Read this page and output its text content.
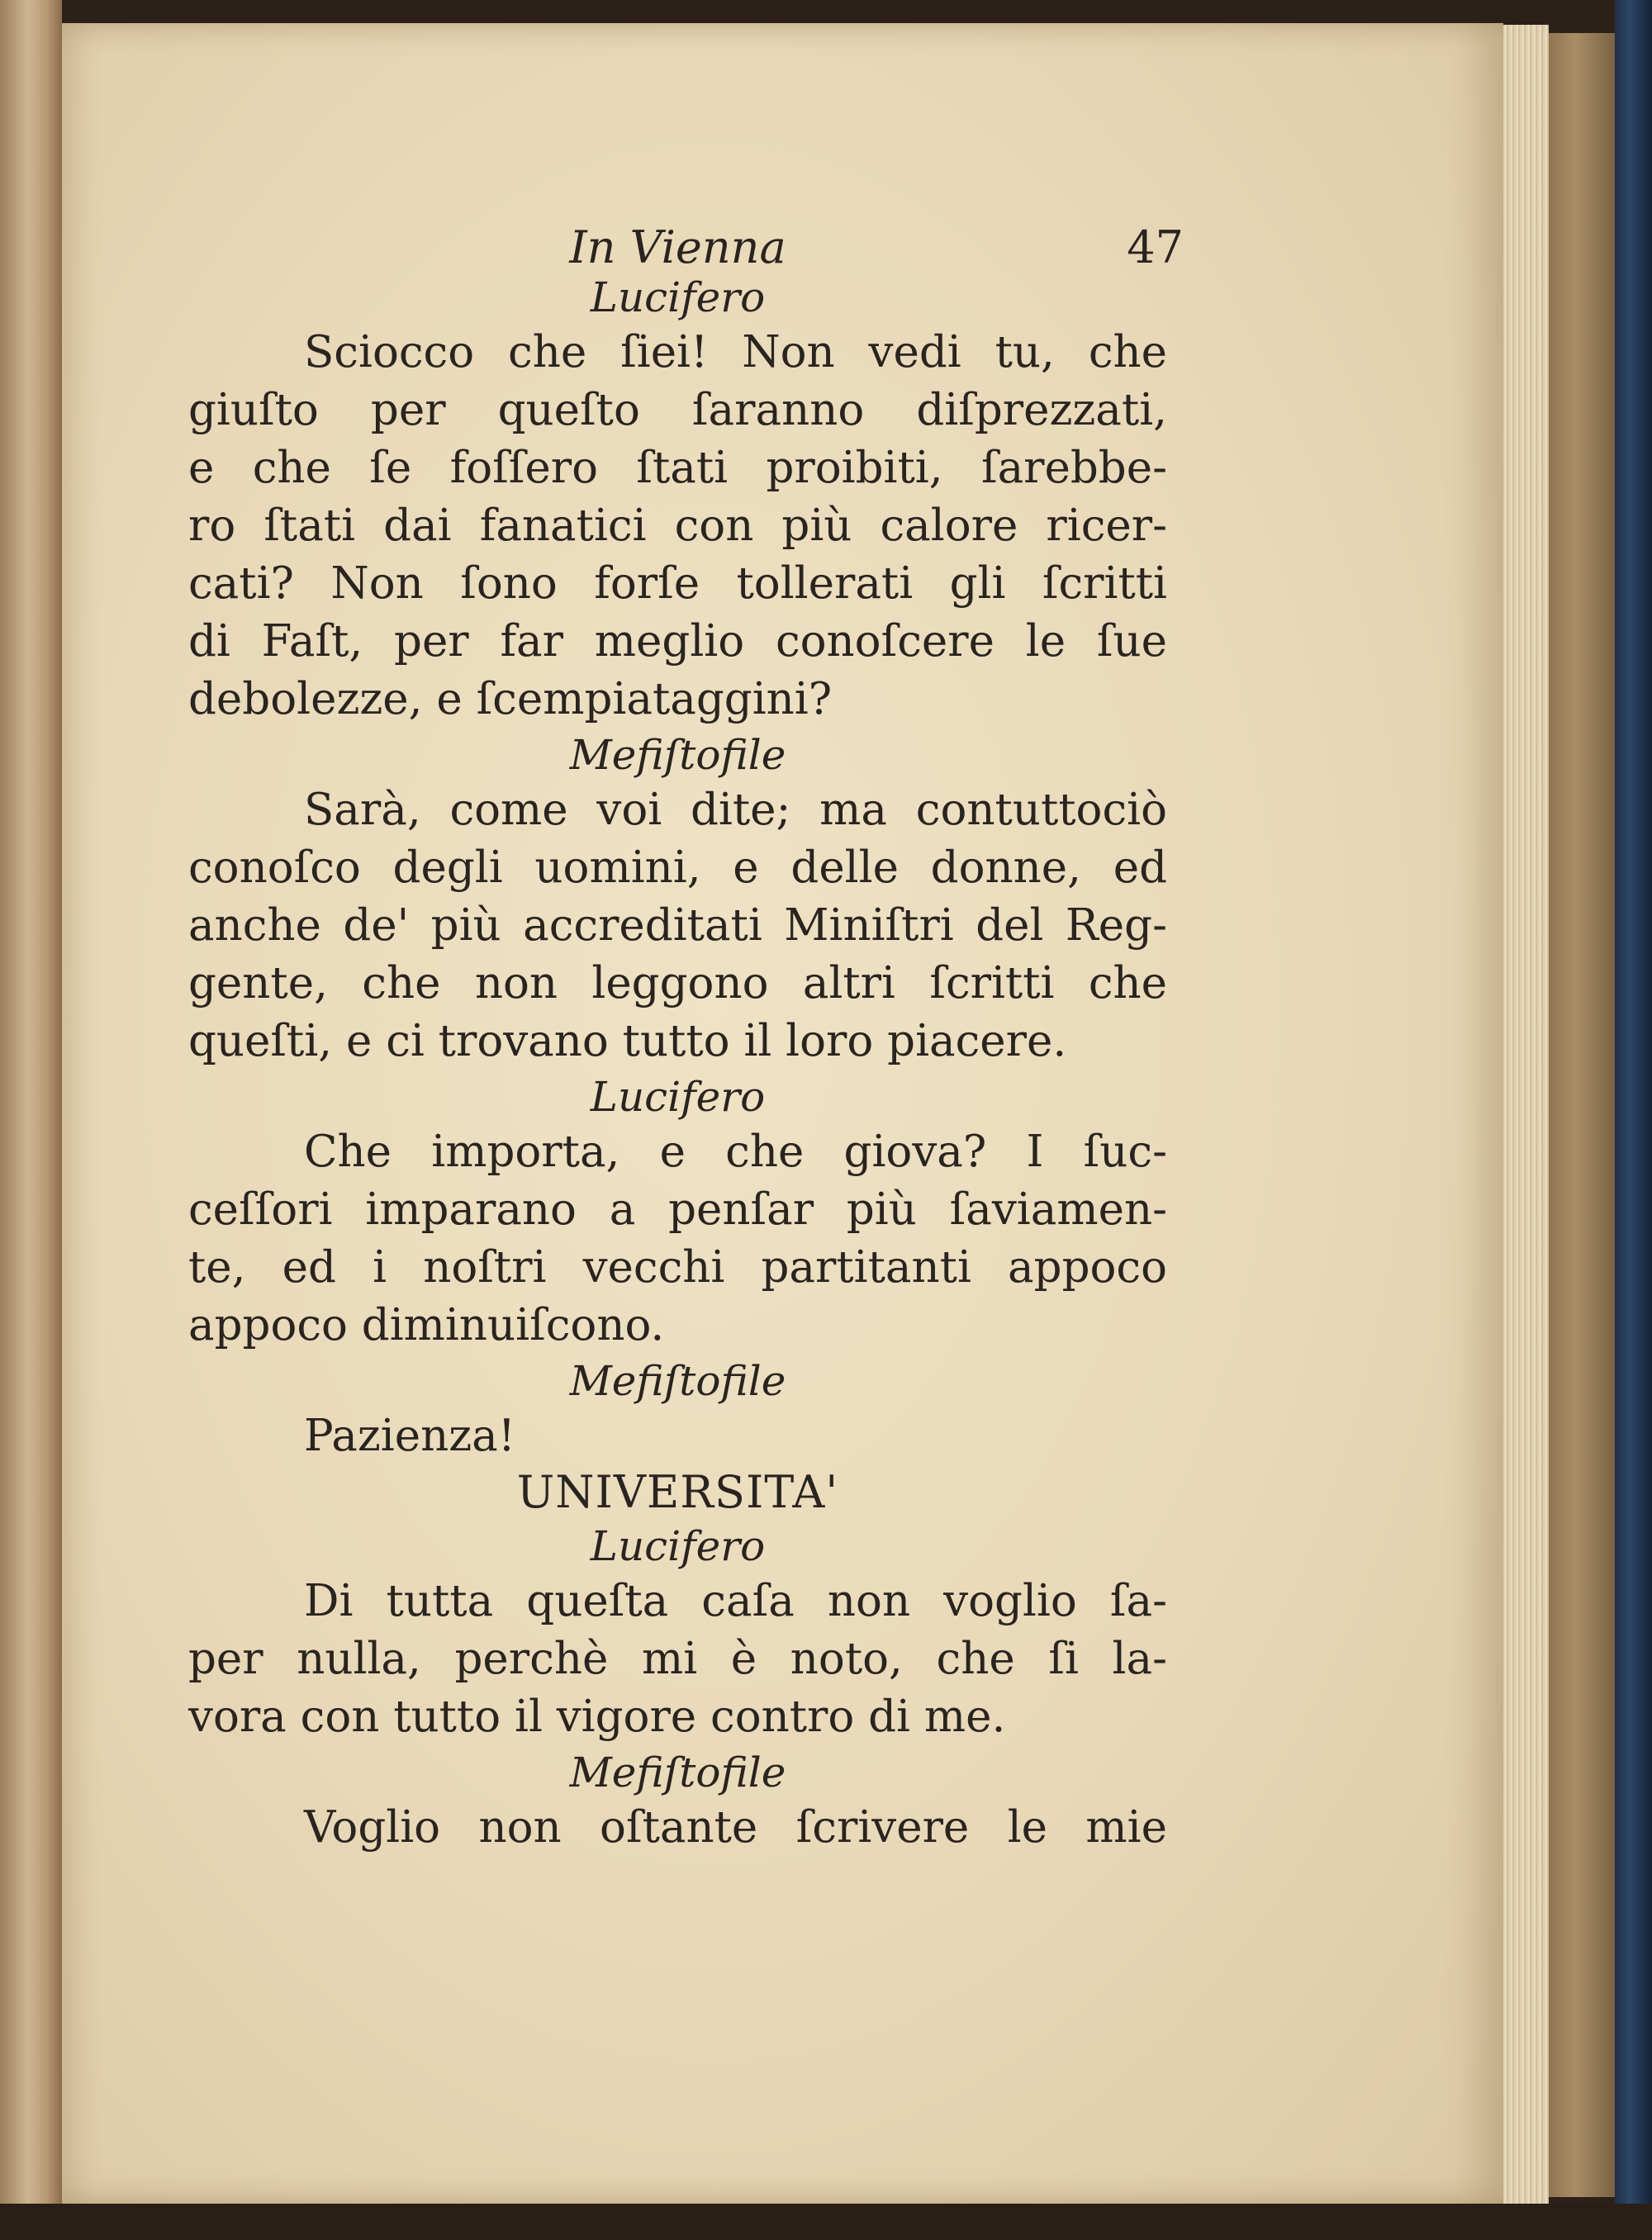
In Vienna	47
Lucifero
Sciocco che ſiei! Non vedi tu, che
giuſto per queſto ſaranno diſprezzati,
e che ſe foſſero ſtati proibiti, ſarebbe-
ro ſtati dai fanatici con più calore ricer-
cati? Non ſono forſe tollerati gli ſcritti
di Faſt, per far meglio conoſcere le ſue
debolezze, e ſcempiataggini?
Mefiſtofile
Sarà, come voi dite; ma contuttociò
conoſco degli uomini, e delle donne, ed
anche de' più accreditati Miniſtri del Reg-
gente, che non leggono altri ſcritti che
queſti, e ci trovano tutto il loro piacere.
Lucifero
Che importa, e che giova? I ſuc-
ceſſori imparano a penſar più ſaviamen-
te, ed i noſtri vecchi partitanti appoco
appoco diminuiſcono.
Mefiſtofile
Pazienza!
UNIVERSITA'
Lucifero
Di tutta queſta caſa non voglio ſa-
per nulla, perchè mi è noto, che ſi la-
vora con tutto il vigore contro di me.
Mefiſtofile
Voglio non oſtante ſcrivere le mie
